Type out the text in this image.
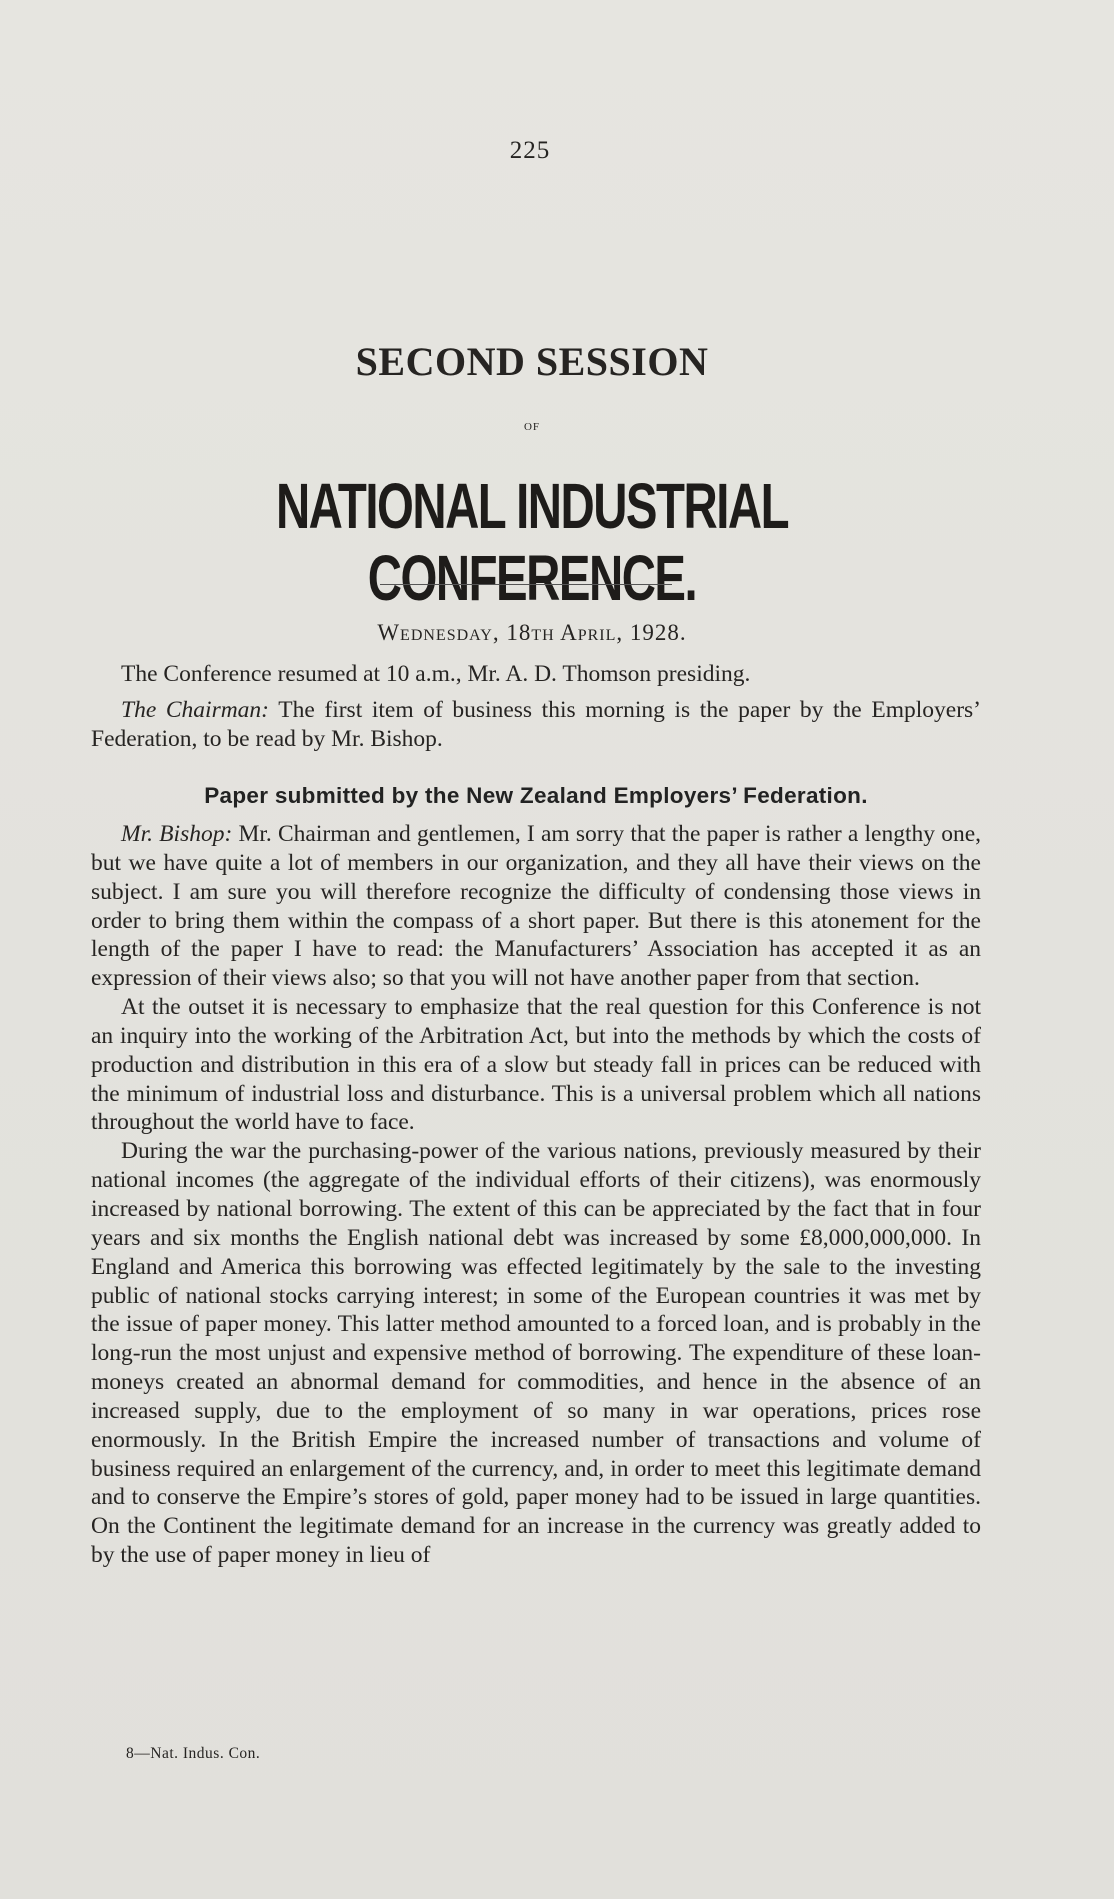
225
SECOND SESSION
OF
NATIONAL INDUSTRIAL CONFERENCE.
Wednesday, 18th April, 1928.

The Conference resumed at 10 a.m., Mr. A. D. Thomson presiding.

The Chairman: The first item of business this morning is the paper by the Employers’ Federation, to be read by Mr. Bishop.

Paper submitted by the New Zealand Employers’ Federation.

Mr. Bishop: Mr. Chairman and gentlemen, I am sorry that the paper is rather a lengthy one, but we have quite a lot of members in our organization, and they all have their views on the subject. I am sure you will therefore recognize the difficulty of condensing those views in order to bring them within the compass of a short paper. But there is this atonement for the length of the paper I have to read: the Manufacturers’ Association has accepted it as an expression of their views also; so that you will not have another paper from that section.

At the outset it is necessary to emphasize that the real question for this Conference is not an inquiry into the working of the Arbitration Act, but into the methods by which the costs of production and distribution in this era of a slow but steady fall in prices can be reduced with the minimum of industrial loss and disturbance. This is a universal problem which all nations throughout the world have to face.

During the war the purchasing-power of the various nations, previously measured by their national incomes (the aggregate of the individual efforts of their citizens), was enormously increased by national borrowing. The extent of this can be appreciated by the fact that in four years and six months the English national debt was increased by some £8,000,000,000. In England and America this borrowing was effected legitimately by the sale to the investing public of national stocks carrying interest; in some of the European countries it was met by the issue of paper money. This latter method amounted to a forced loan, and is probably in the long-run the most unjust and expensive method of borrowing. The expenditure of these loan-moneys created an abnormal demand for commodities, and hence in the absence of an increased supply, due to the employment of so many in war operations, prices rose enormously. In the British Empire the increased number of transactions and volume of business required an enlargement of the currency, and, in order to meet this legitimate demand and to conserve the Empire’s stores of gold, paper money had to be issued in large quantities. On the Continent the legitimate demand for an increase in the currency was greatly added to by the use of paper money in lieu of

8—Nat. Indus. Con.
